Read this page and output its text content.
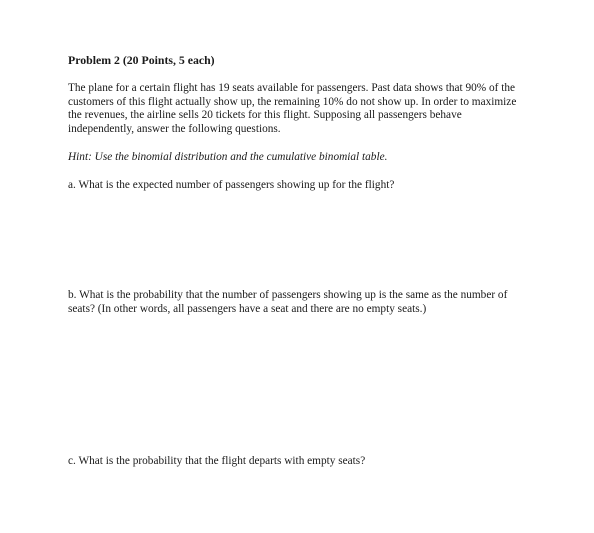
Problem 2 (20 Points, 5 each)

The plane for a certain flight has 19 seats available for passengers. Past data shows that 90% of the customers of this flight actually show up, the remaining 10% do not show up. In order to maximize the revenues, the airline sells 20 tickets for this flight. Supposing all passengers behave independently, answer the following questions.

Hint: Use the binomial distribution and the cumulative binomial table.

a. What is the expected number of passengers showing up for the flight?

b. What is the probability that the number of passengers showing up is the same as the number of seats? (In other words, all passengers have a seat and there are no empty seats.)

c. What is the probability that the flight departs with empty seats?
